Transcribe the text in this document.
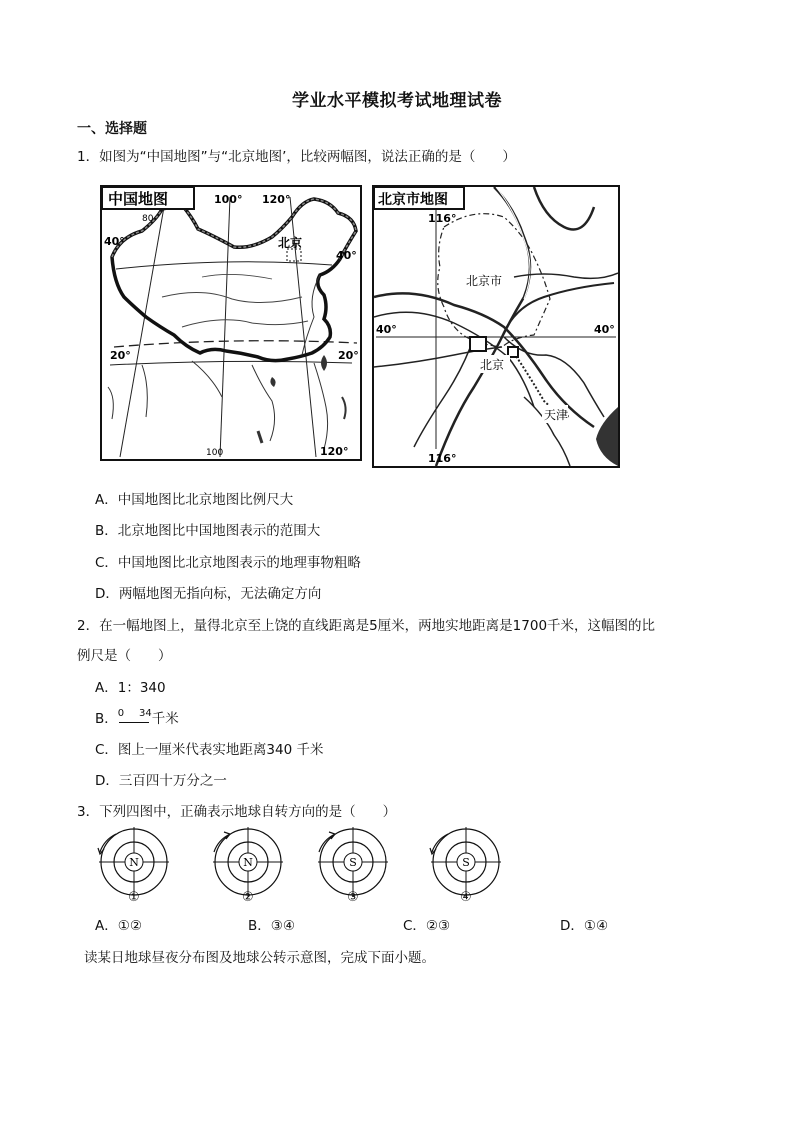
学业水平模拟考试地理试卷
一、选择题
1．如图为“中国地图”与“北京地图’，比较两幅图，说法正确的是（　　）
中国地图	100° 120°
80
40°
40°
北京
20°	20°
100	120°
北京市地图
116°
116°
40°	40°
北京市
北京
天津
A．中国地图比北京地图比例尺大
B．北京地图比中国地图表示的范围大
C．中国地图比北京地图表示的地理事物粗略
D．两幅地图无指向标，无法确定方向
2．在一幅地图上，量得北京至上饶的直线距离是5厘米，两地实地距离是1700千米，这幅图的比
例尺是（　　）
A．1：340
B． 0 34 千米
C．图上一厘米代表实地距离340 千米
D．三百四十万分之一
3．下列四图中，正确表示地球自转方向的是（　　）
N
①
N
②
S
③
S
④
A．①②	B．③④	C．②③	D．①④
读某日地球昼夜分布图及地球公转示意图，完成下面小题。
